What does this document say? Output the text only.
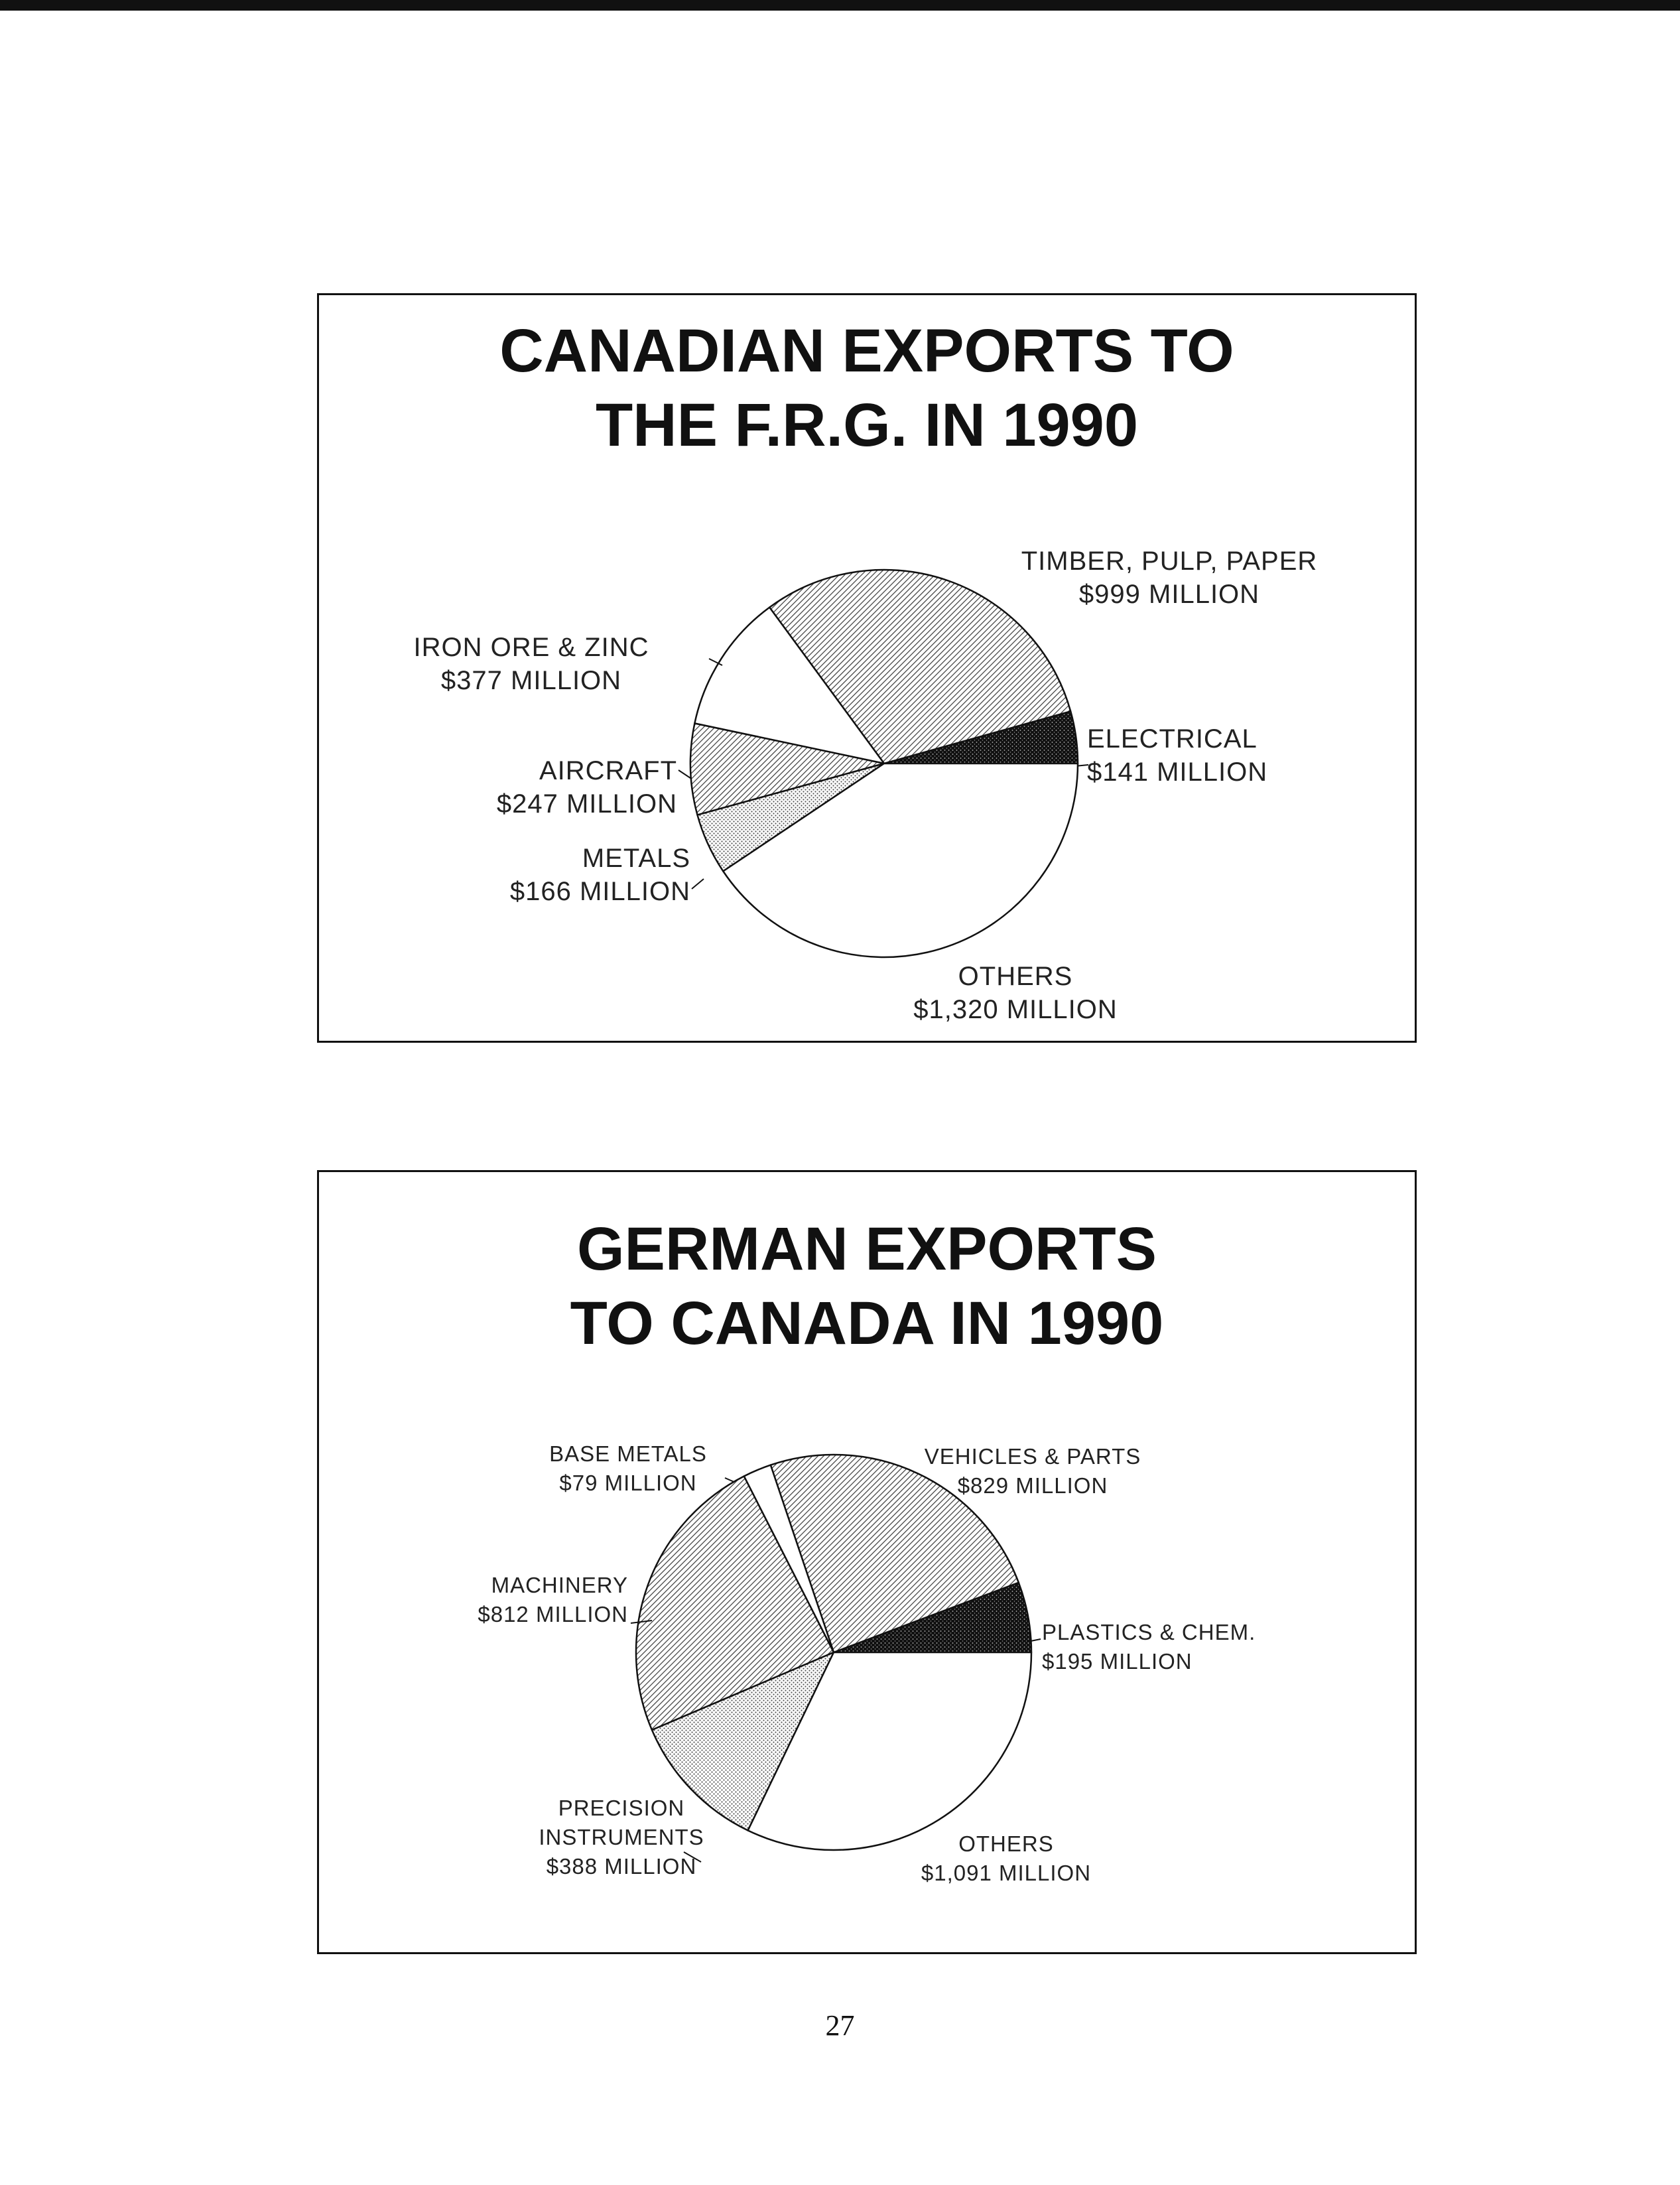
CANADIAN EXPORTS TO
THE F.R.G. IN 1990
ELECTRICAL $141 MILLION
TIMBER, PULP, PAPER $999 MILLION
IRON ORE & ZINC $377 MILLION
AIRCRAFT $247 MILLION
METALS $166 MILLION
OTHERS $1,320 MILLION
GERMAN EXPORTS
TO CANADA IN 1990
PLASTICS & CHEM. $195 MILLION
VEHICLES & PARTS $829 MILLION
BASE METALS $79 MILLION
MACHINERY $812 MILLION
PRECISION INSTRUMENTS $388 MILLION
OTHERS $1,091 MILLION
27
